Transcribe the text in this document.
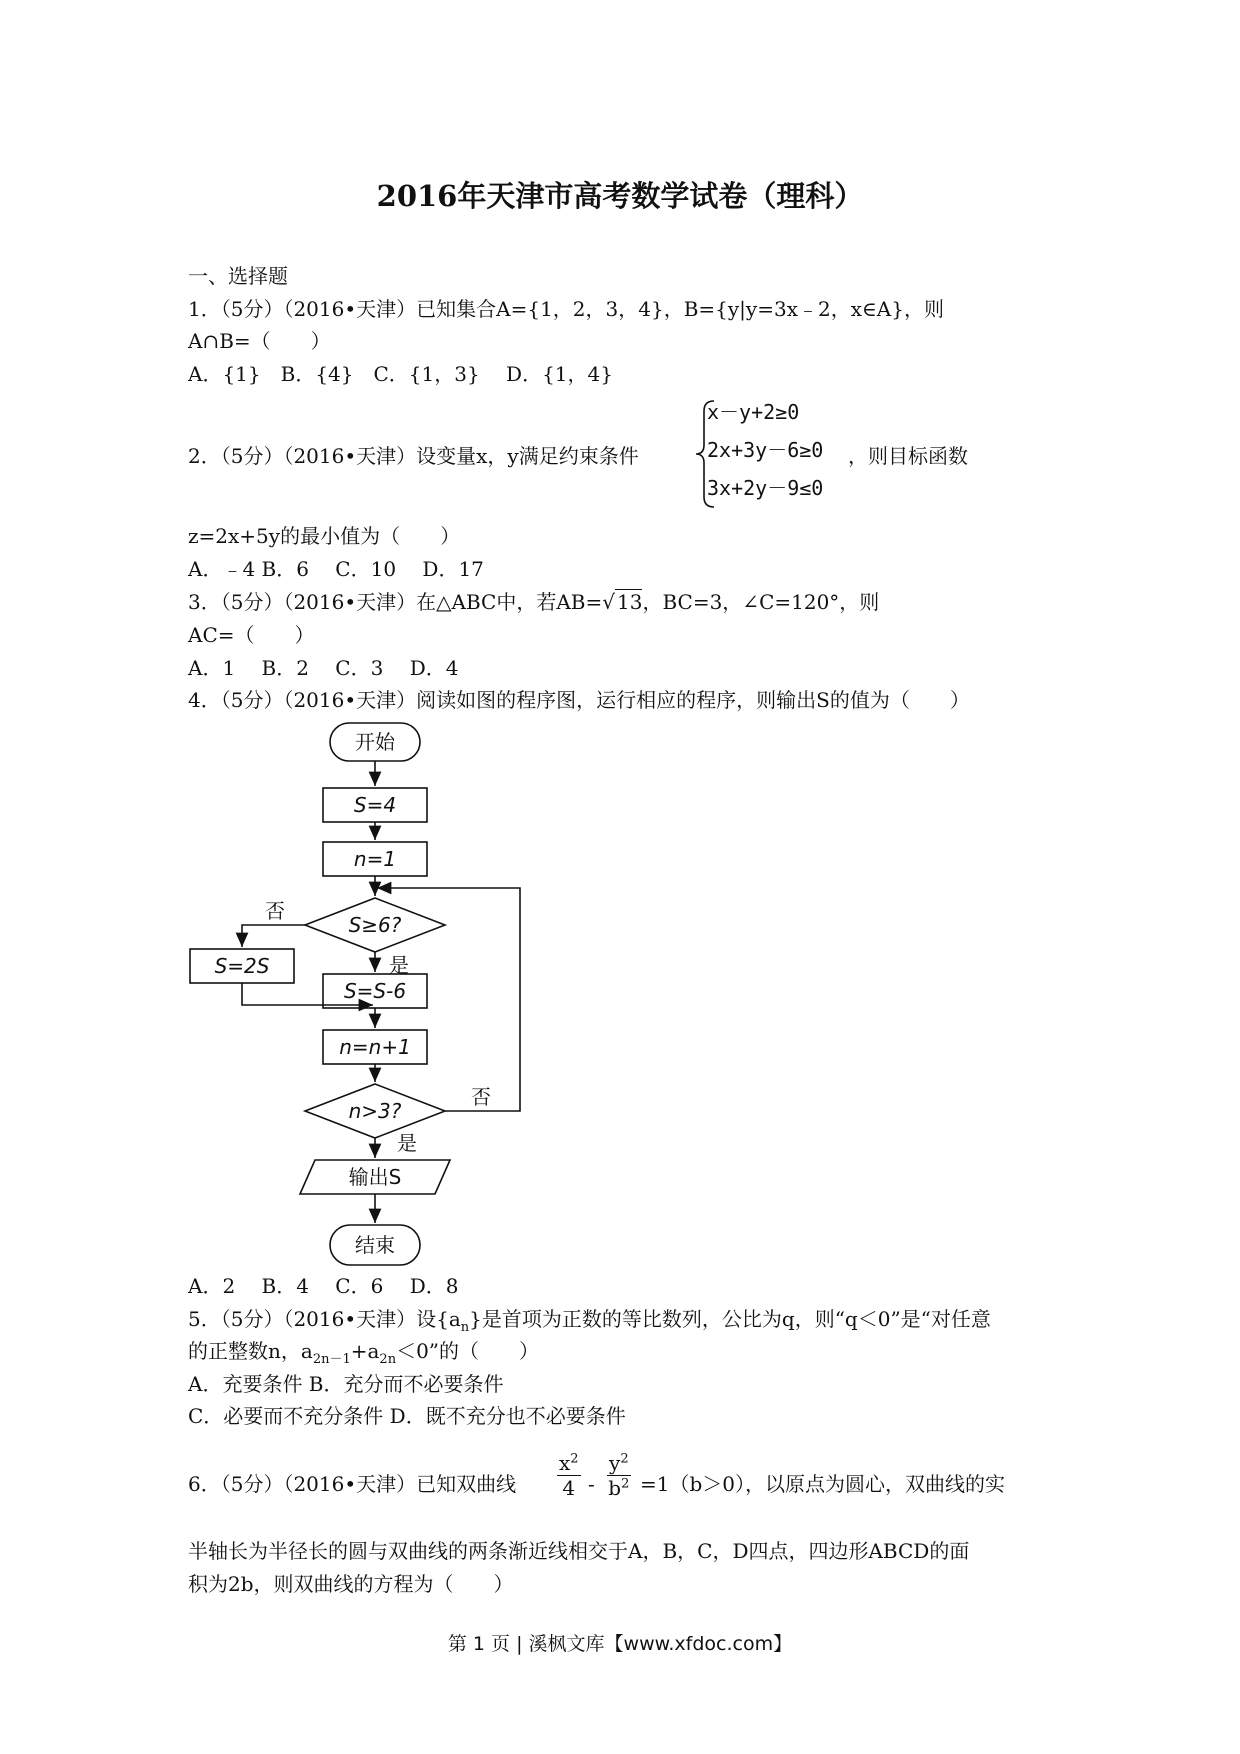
2016年天津市高考数学试卷（理科）
一、选择题
1．（5分）（2016•天津）已知集合A={1，2，3，4}，B={y|y=3x﹣2，x∈A}，则
A∩B=（　　）
A．{1}　B．{4}　C．{1，3}　 D．{1，4}
2．（5分）（2016•天津）设变量x，y满足约束条件
x－y+2≥0
2x+3y－6≥0
3x+2y－9≤0
，则目标函数
z=2x+5y的最小值为（　　）
A．﹣4 B．6　 C．10　 D．17
3．（5分）（2016•天津）在△ABC中，若AB=√ 13，BC=3，∠C=120°，则
AC=（　　）
A．1　 B．2　 C．3　 D．4
4．（5分）（2016•天津）阅读如图的程序图，运行相应的程序，则输出S的值为（　　）
开始
S=4
n=1
S≥6?
否
是
S=2S
S=S-6
n=n+1
n>3?
否
是
输出S
结束
A．2　 B．4　 C．6　 D．8
5．（5分）（2016•天津）设$\{a_n\}$是首项为正数的等比数列，公比为q，则“q＜0”是“对任意
的正整数n，$a_{2n-1}+a_{2n}<0$”的（　　）
A．充要条件 B．充分而不必要条件
C．必要而不充分条件 D．既不充分也不必要条件
6．（5分）（2016•天津）已知双曲线 $\frac{x^2}{4} - \frac{y^2}{b^2} =1(b>0)$，以原点为圆心，双曲线的实
半轴长为半径长的圆与双曲线的两条渐近线相交于A，B，C，D四点，四边形ABCD的面
积为2b，则双曲线的方程为（　　）
第 1 页 | 溪枫文库【www.xfdoc.com】
